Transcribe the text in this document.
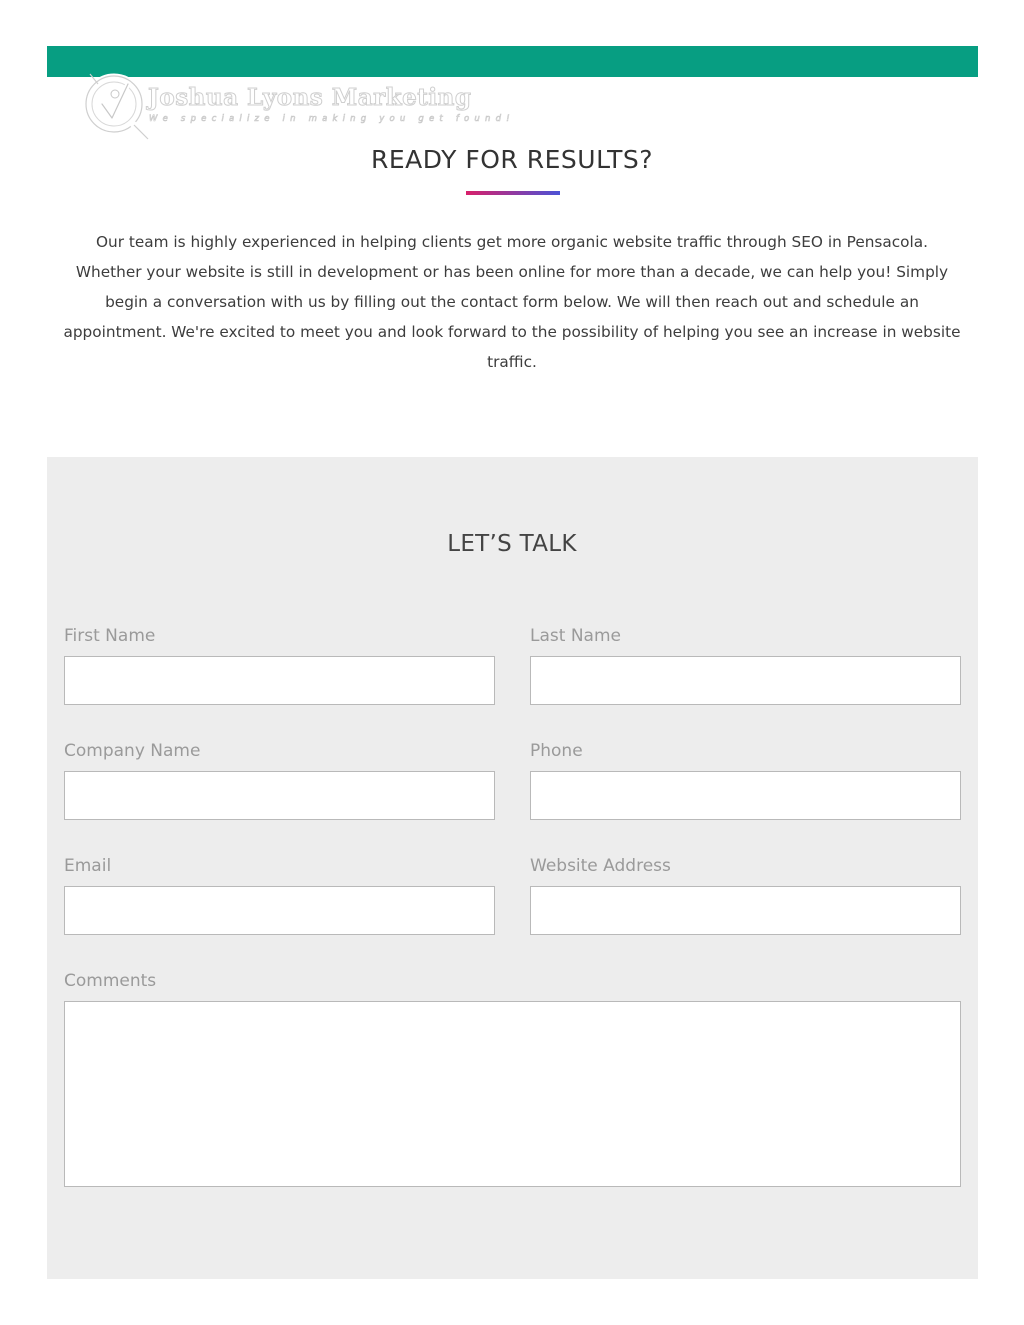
Joshua Lyons Marketing
We specialize in making you get found!
READY FOR RESULTS?

Our team is highly experienced in helping clients get more organic website traffic through SEO in Pensacola. Whether your website is still in development or has been online for more than a decade, we can help you! Simply begin a conversation with us by filling out the contact form below. We will then reach out and schedule an appointment. We're excited to meet you and look forward to the possibility of helping you see an increase in website traffic.

LET’S TALK
First Name	Last Name
Company Name	Phone
Email	Website Address
Comments
